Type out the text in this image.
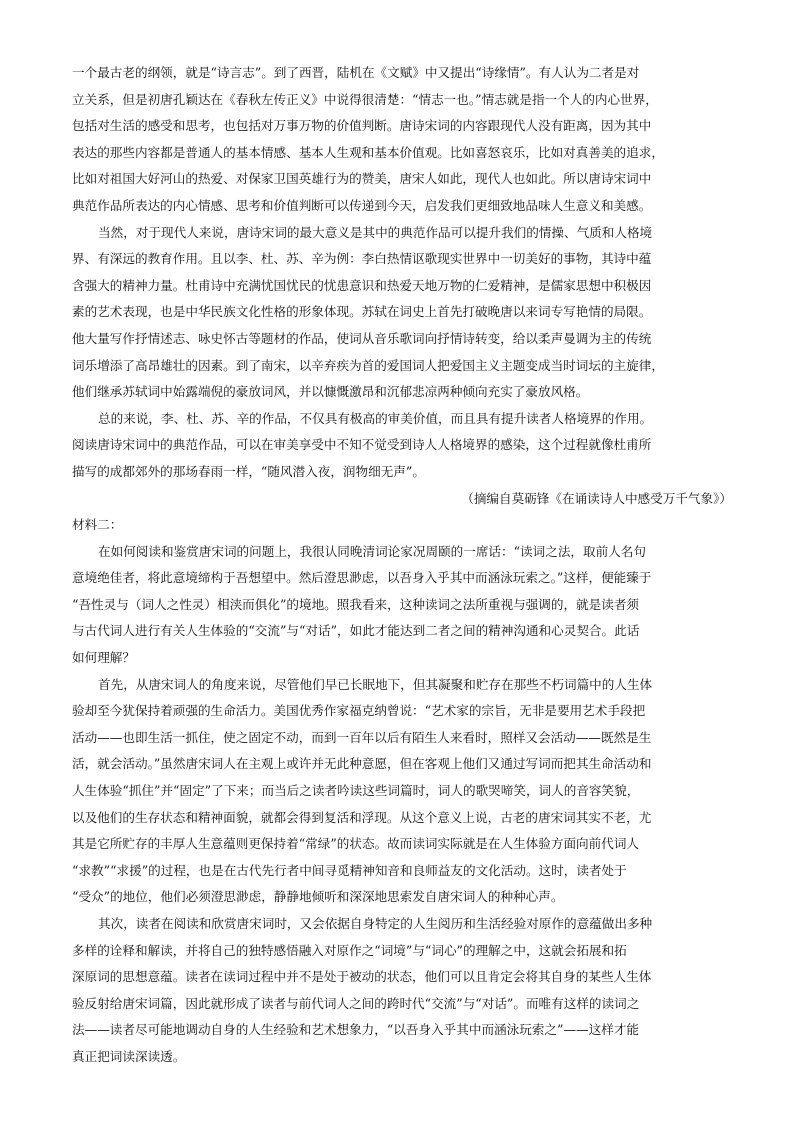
一个最古老的纲领，就是“诗言志”。到了西晋，陆机在《文赋》中又提出“诗缘情”。有人认为二者是对
立关系，但是初唐孔颖达在《春秋左传正义》中说得很清楚：“情志一也。”情志就是指一个人的内心世界，
包括对生活的感受和思考，也包括对万事万物的价值判断。唐诗宋词的内容跟现代人没有距离，因为其中
表达的那些内容都是普通人的基本情感、基本人生观和基本价值观。比如喜怒哀乐，比如对真善美的追求，
比如对祖国大好河山的热爱、对保家卫国英雄行为的赞美，唐宋人如此，现代人也如此。所以唐诗宋词中
典范作品所表达的内心情感、思考和价值判断可以传递到今天，启发我们更细致地品味人生意义和美感。
当然，对于现代人来说，唐诗宋词的最大意义是其中的典范作品可以提升我们的情操、气质和人格境
界、有深远的教育作用。且以李、杜、苏、辛为例：李白热情讴歌现实世界中一切美好的事物，其诗中蕴
含强大的精神力量。杜甫诗中充满忧国忧民的忧患意识和热爱天地万物的仁爱精神，是儒家思想中积极因
素的艺术表现，也是中华民族文化性格的形象体现。苏轼在词史上首先打破晚唐以来词专写艳情的局限。
他大量写作抒情述志、咏史怀古等题材的作品，使词从音乐歌词向抒情诗转变，给以柔声曼调为主的传统
词乐增添了高昂雄壮的因素。到了南宋，以辛弃疾为首的爱国词人把爱国主义主题变成当时词坛的主旋律，
他们继承苏轼词中始露端倪的豪放词风，并以慷慨激昂和沉郁悲凉两种倾向充实了豪放风格。
总的来说，李、杜、苏、辛的作品，不仅具有极高的审美价值，而且具有提升读者人格境界的作用。
阅读唐诗宋词中的典范作品，可以在审美享受中不知不觉受到诗人人格境界的感染，这个过程就像杜甫所
描写的成都郊外的那场春雨一样，“随风潜入夜，润物细无声”。
（摘编自莫砺锋《在诵读诗人中感受万千气象》）
材料二：
在如何阅读和鉴赏唐宋词的问题上，我很认同晚清词论家况周颐的一席话：“读词之法，取前人名句
意境绝佳者，将此意境缔构于吾想望中。然后澄思渺虑，以吾身入乎其中而涵泳玩索之。”这样，便能臻于
“吾性灵与（词人之性灵）相浃而俱化”的境地。照我看来，这种读词之法所重视与强调的，就是读者须
与古代词人进行有关人生体验的“交流”与“对话”，如此才能达到二者之间的精神沟通和心灵契合。此话
如何理解？
首先，从唐宋词人的角度来说，尽管他们早已长眠地下，但其凝聚和贮存在那些不朽词篇中的人生体
验却至今犹保持着顽强的生命活力。美国优秀作家福克纳曾说：“艺术家的宗旨，无非是要用艺术手段把
活动——也即生活一抓住，使之固定不动，而到一百年以后有陌生人来看时，照样又会活动——既然是生
活，就会活动。”虽然唐宋词人在主观上或许并无此种意愿，但在客观上他们又通过写词而把其生命活动和
人生体验“抓住”并“固定”了下来；而当后之读者吟读这些词篇时，词人的歌哭啼笑，词人的音容笑貌，
以及他们的生存状态和精神面貌，就都会得到复活和浮现。从这个意义上说，古老的唐宋词其实不老，尤
其是它所贮存的丰厚人生意蕴则更保持着“常绿”的状态。故而读词实际就是在人生体验方面向前代词人
“求教”“求援”的过程，也是在古代先行者中间寻觅精神知音和良师益友的文化活动。这时，读者处于
“受众”的地位，他们必须澄思渺虑，静静地倾听和深深地思索发自唐宋词人的种种心声。
其次，读者在阅读和欣赏唐宋词时，又会依据自身特定的人生阅历和生活经验对原作的意蕴做出多种
多样的诠释和解读，并将自己的独特感悟融入对原作之“词境”与“词心”的理解之中，这就会拓展和拓
深原词的思想意蕴。读者在读词过程中并不是处于被动的状态，他们可以且肯定会将其自身的某些人生体
验反射给唐宋词篇，因此就形成了读者与前代词人之间的跨时代“交流”与“对话”。而唯有这样的读词之
法——读者尽可能地调动自身的人生经验和艺术想象力，“以吾身入乎其中而涵泳玩索之”——这样才能
真正把词读深读透。
